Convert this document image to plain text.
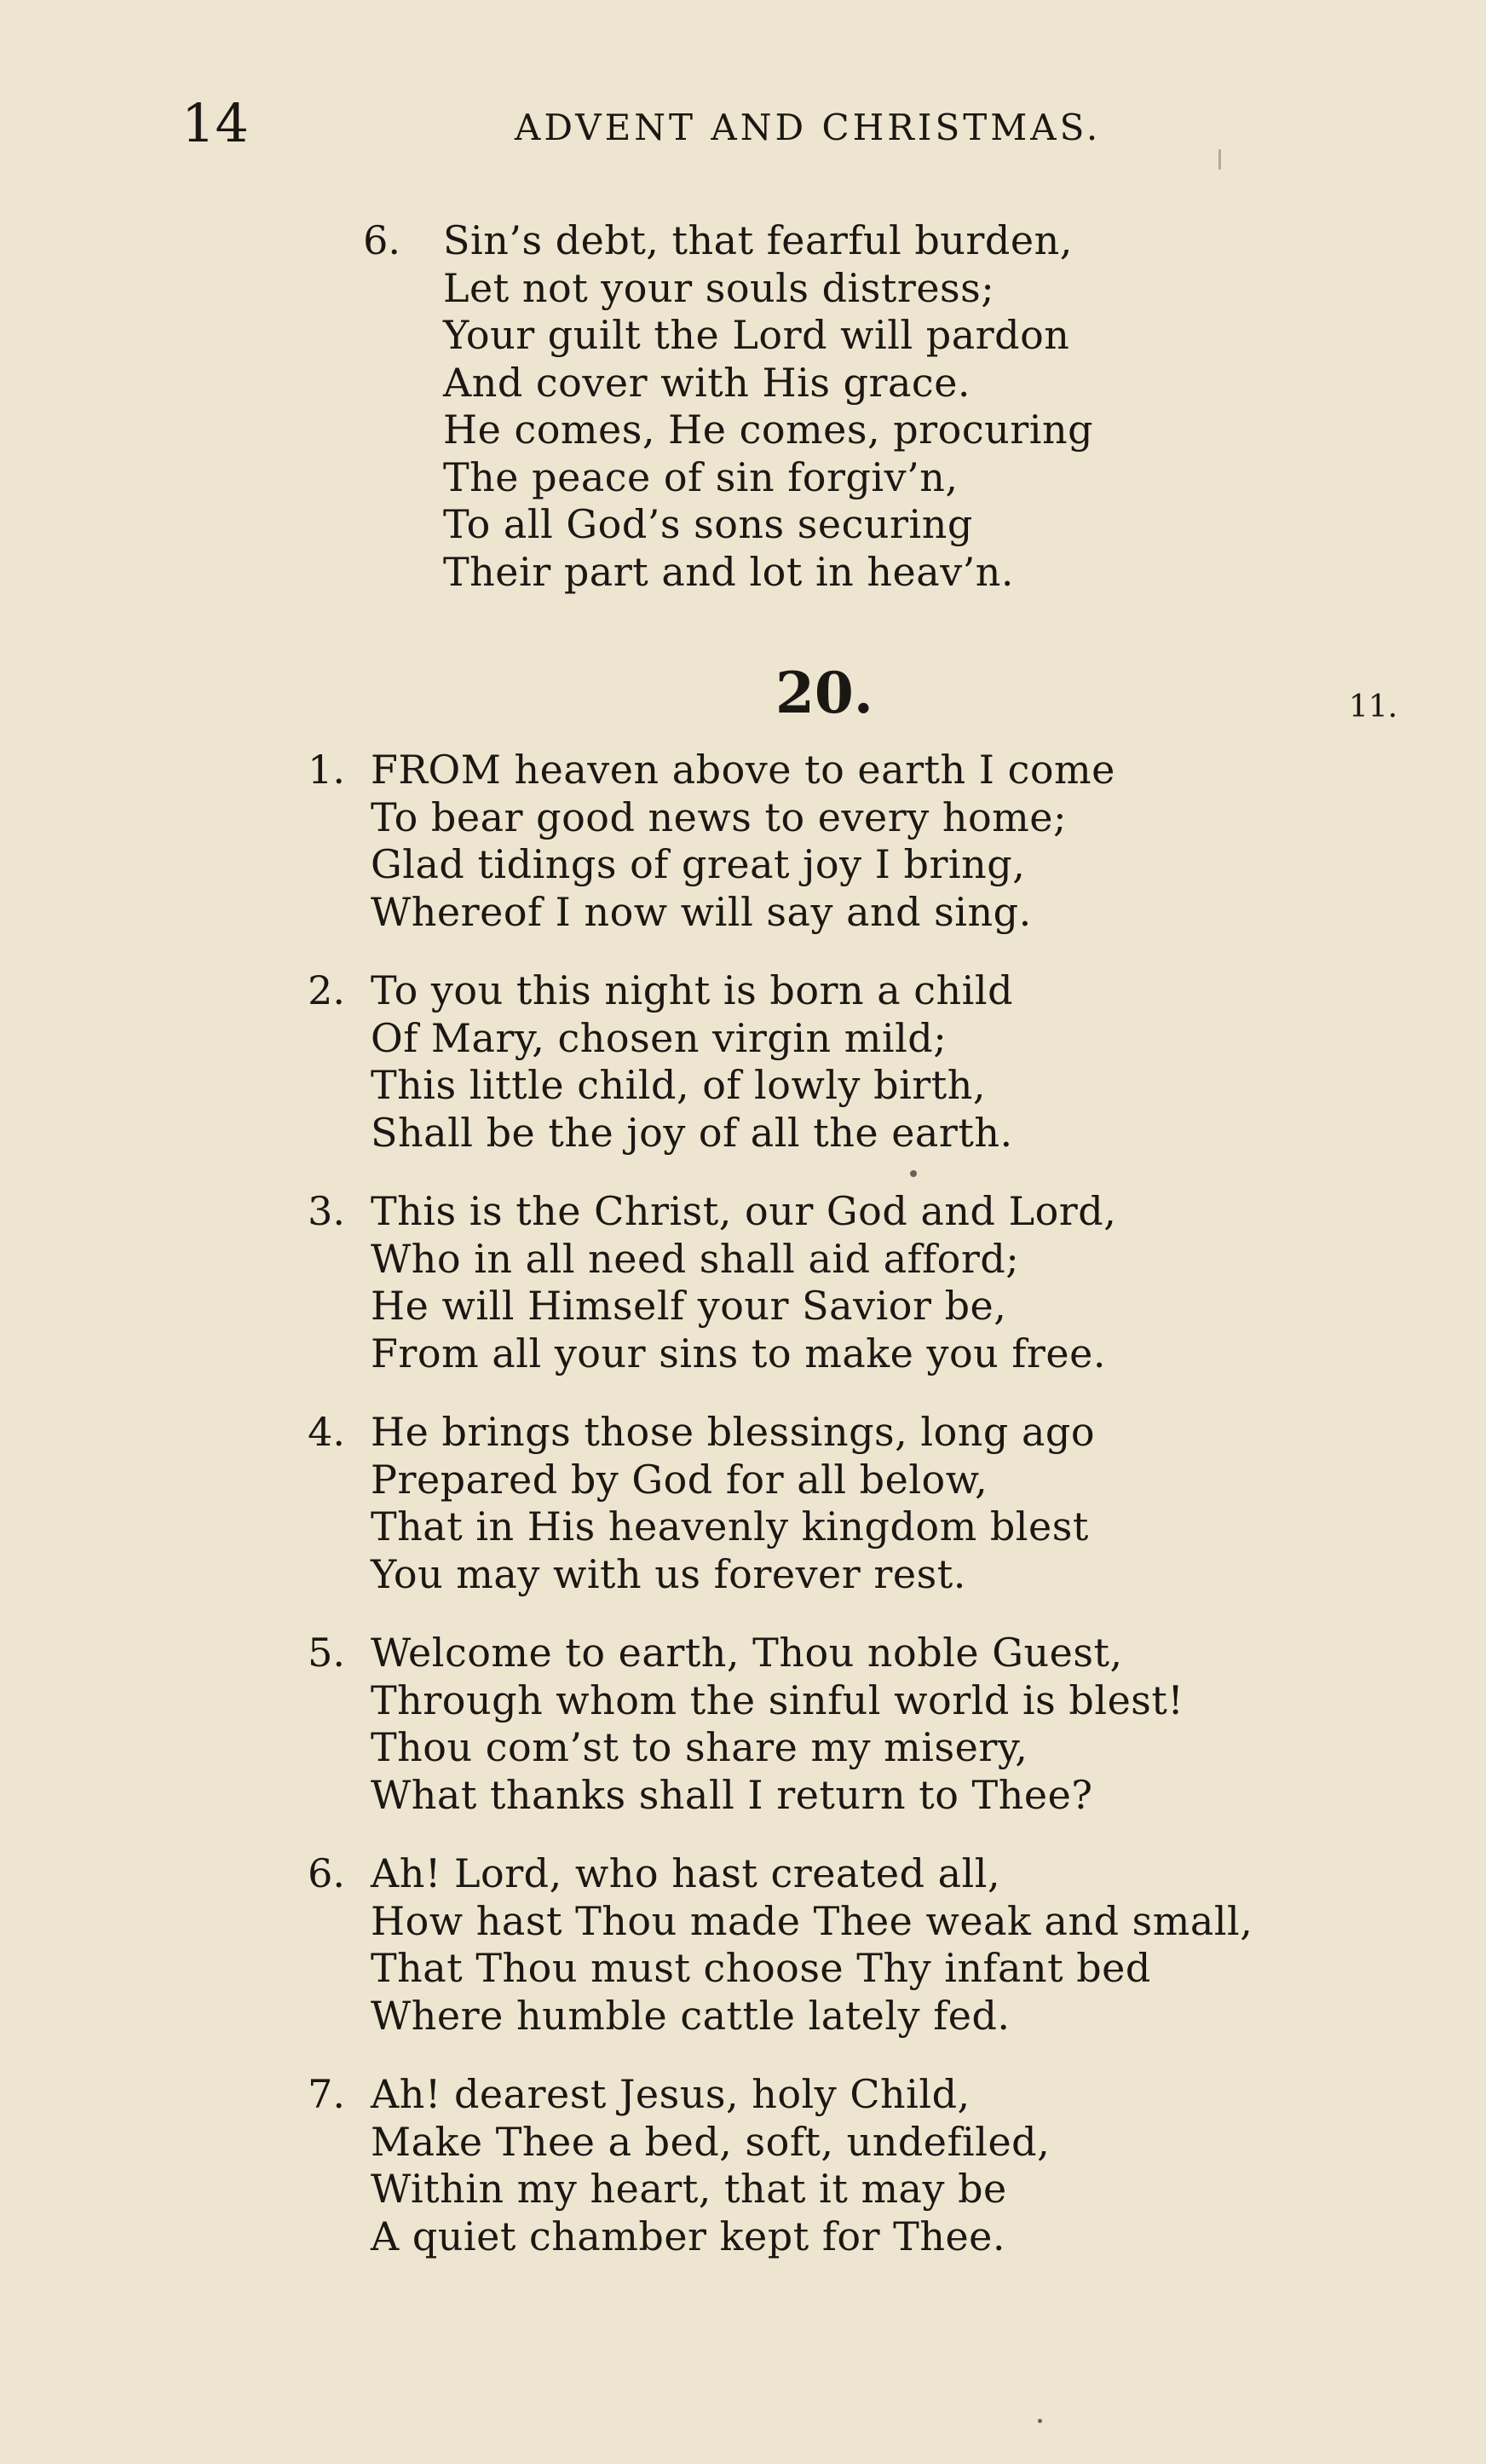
14	ADVENT AND CHRISTMAS.
6. Sin’s debt, that fearful burden,
Let not your souls distress;
Your guilt the Lord will pardon
And cover with His grace.
He comes, He comes, procuring
The peace of sin forgiv’n,
To all God’s sons securing
Their part and lot in heav’n.
20.	11.
1. FROM heaven above to earth I come
To bear good news to every home;
Glad tidings of great joy I bring,
Whereof I now will say and sing.
2. To you this night is born a child
Of Mary, chosen virgin mild;
This little child, of lowly birth,
Shall be the joy of all the earth.
3. This is the Christ, our God and Lord,
Who in all need shall aid afford;
He will Himself your Savior be,
From all your sins to make you free.
4. He brings those blessings, long ago
Prepared by God for all below,
That in His heavenly kingdom blest
You may with us forever rest.
5. Welcome to earth, Thou noble Guest,
Through whom the sinful world is blest!
Thou com’st to share my misery,
What thanks shall I return to Thee?
6. Ah! Lord, who hast created all,
How hast Thou made Thee weak and small,
That Thou must choose Thy infant bed
Where humble cattle lately fed.
7. Ah! dearest Jesus, holy Child,
Make Thee a bed, soft, undefiled,
Within my heart, that it may be
A quiet chamber kept for Thee.
